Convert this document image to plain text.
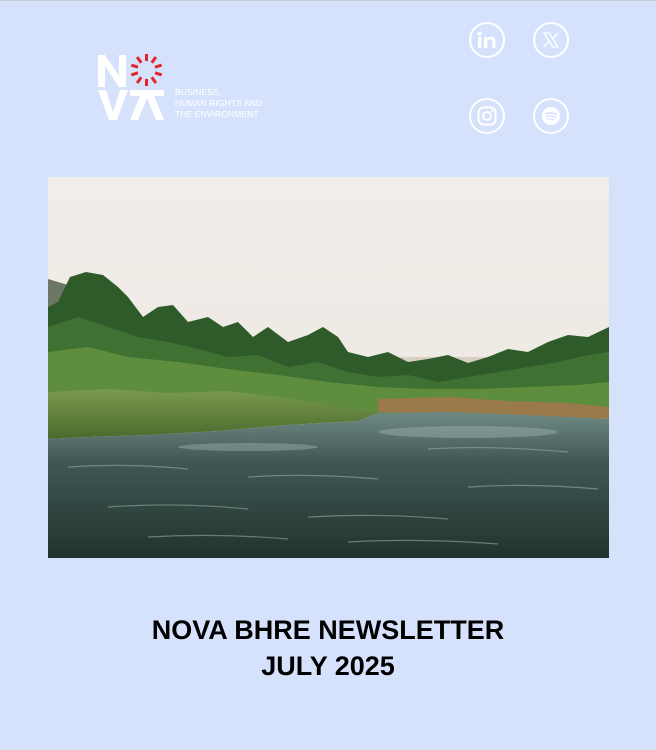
BUSINESS,
HUMAN RIGHTS AND
THE ENVIRONMENT
NOVA BHRE NEWSLETTER
JULY 2025
